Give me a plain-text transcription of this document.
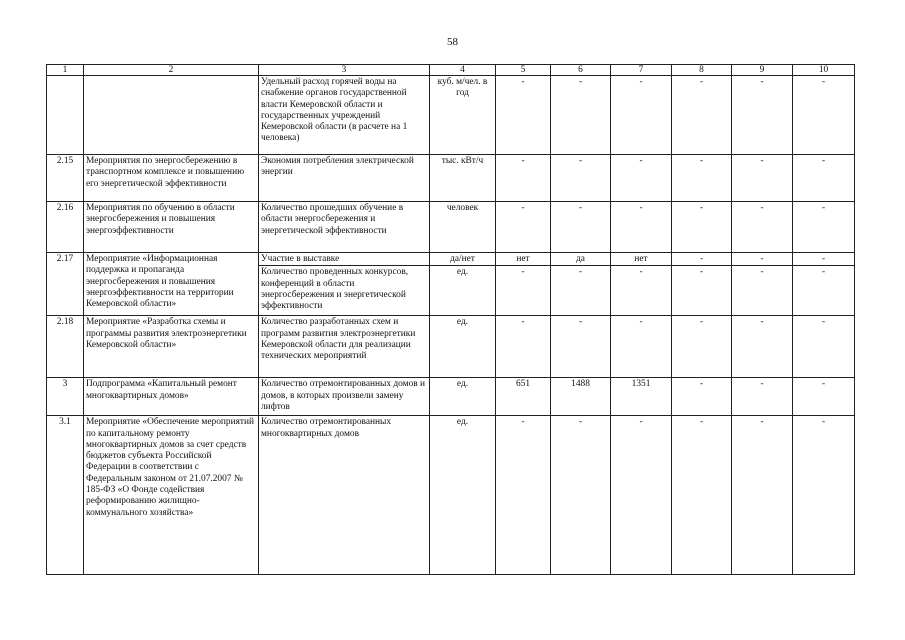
58
1	2	3	4	5	6	7	8	9	10
		Удельный расход горячей воды на снабжение органов государственной власти Кемеровской области и государственных учреждений Кемеровской области (в расчете на 1 человека)	куб. м/чел. в год	-	-	-	-	-	-
2.15	Мероприятия по энергосбережению в транспортном комплексе и повышению его энергетической эффективности	Экономия потребления электрической энергии	тыс. кВт/ч	-	-	-	-	-	-
2.16	Мероприятия по обучению в области энергосбережения и повышения энергоэффективности	Количество прошедших обучение в области энергосбережения и энергетической эффективности	человек	-	-	-	-	-	-
2.17	Мероприятие «Информационная поддержка и пропаганда энергосбережения и повышения энергоэффективности на территории Кемеровской области»	Участие в выставке	да/нет	нет	да	нет	-	-	-
		Количество проведенных конкурсов, конференций в области энергосбережения и энергетической эффективности	ед.	-	-	-	-	-	-
2.18	Мероприятие «Разработка схемы и программы развития электроэнергетики Кемеровской области»	Количество разработанных схем и программ развития электроэнергетики Кемеровской области для реализации технических мероприятий	ед.	-	-	-	-	-	-
3	Подпрограмма «Капитальный ремонт многоквартирных домов»	Количество отремонтированных домов и домов, в которых произвели замену лифтов	ед.	651	1488	1351	-	-	-
3.1	Мероприятие «Обеспечение мероприятий по капитальному ремонту многоквартирных домов за счет средств бюджетов субъекта Российской Федерации в соответствии с Федеральным законом от 21.07.2007 № 185-ФЗ «О Фонде содействия реформированию жилищно-коммунального хозяйства»	Количество отремонтированных многоквартирных домов	ед.	-	-	-	-	-	-
